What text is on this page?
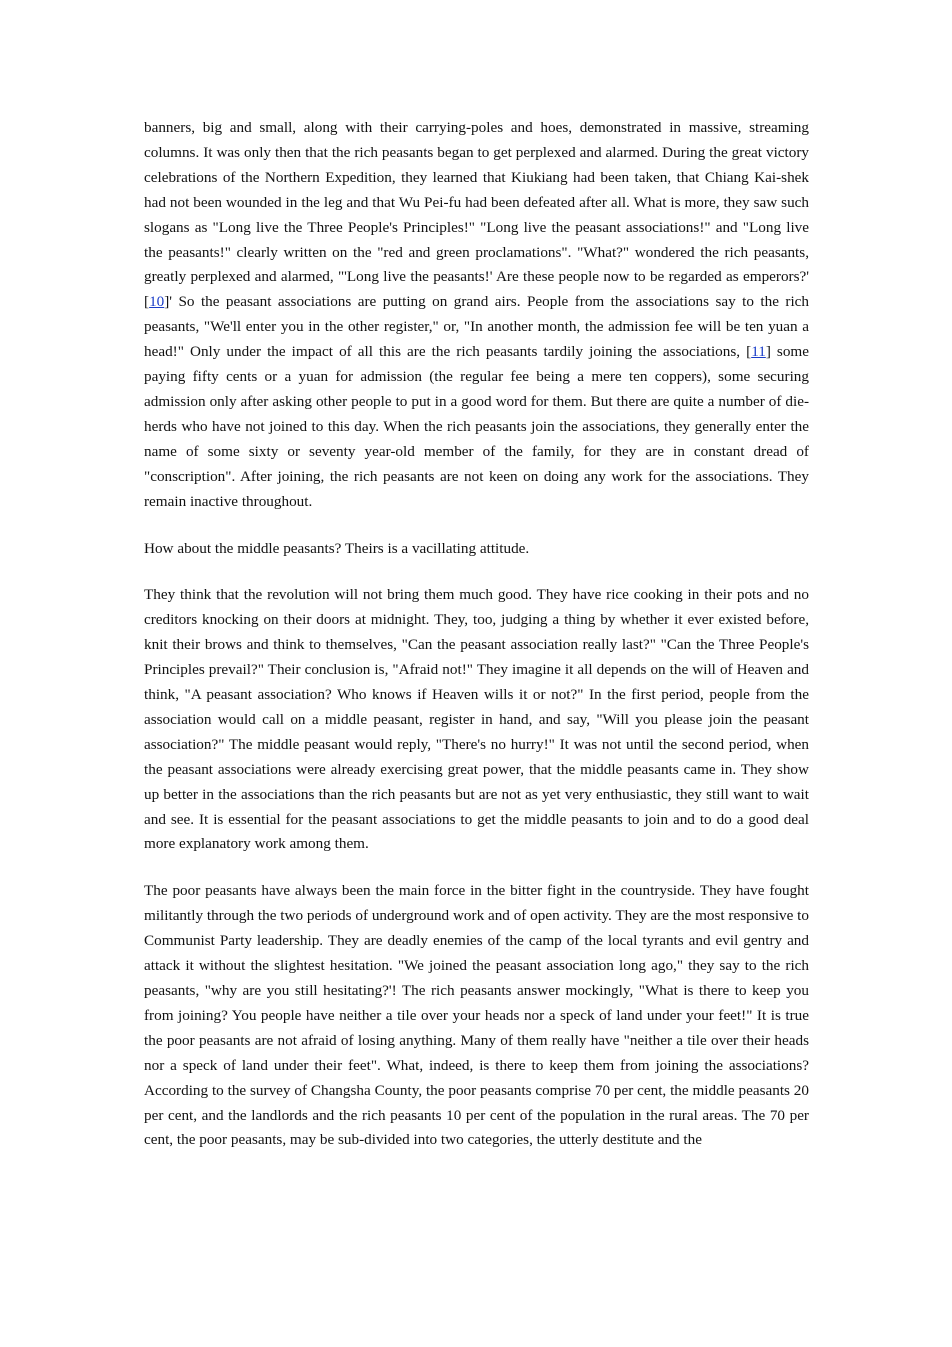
banners, big and small, along with their carrying-poles and hoes, demonstrated in massive, streaming columns. It was only then that the rich peasants began to get perplexed and alarmed. During the great victory celebrations of the Northern Expedition, they learned that Kiukiang had been taken, that Chiang Kai-shek had not been wounded in the leg and that Wu Pei-fu had been defeated after all. What is more, they saw such slogans as "Long live the Three People's Principles!" "Long live the peasant associations!" and "Long live the peasants!" clearly written on the "red and green proclamations". "What?" wondered the rich peasants, greatly perplexed and alarmed, "'Long live the peasants!' Are these people now to be regarded as emperors?' [10]' So the peasant associations are putting on grand airs. People from the associations say to the rich peasants, "We'll enter you in the other register," or, "In another month, the admission fee will be ten yuan a head!" Only under the impact of all this are the rich peasants tardily joining the associations, [11] some paying fifty cents or a yuan for admission (the regular fee being a mere ten coppers), some securing admission only after asking other people to put in a good word for them. But there are quite a number of die-herds who have not joined to this day. When the rich peasants join the associations, they generally enter the name of some sixty or seventy year-old member of the family, for they are in constant dread of "conscription". After joining, the rich peasants are not keen on doing any work for the associations. They remain inactive throughout.

How about the middle peasants? Theirs is a vacillating attitude.

They think that the revolution will not bring them much good. They have rice cooking in their pots and no creditors knocking on their doors at midnight. They, too, judging a thing by whether it ever existed before, knit their brows and think to themselves, "Can the peasant association really last?" "Can the Three People's Principles prevail?" Their conclusion is, "Afraid not!" They imagine it all depends on the will of Heaven and think, "A peasant association? Who knows if Heaven wills it or not?" In the first period, people from the association would call on a middle peasant, register in hand, and say, "Will you please join the peasant association?" The middle peasant would reply, "There's no hurry!" It was not until the second period, when the peasant associations were already exercising great power, that the middle peasants came in. They show up better in the associations than the rich peasants but are not as yet very enthusiastic, they still want to wait and see. It is essential for the peasant associations to get the middle peasants to join and to do a good deal more explanatory work among them.

The poor peasants have always been the main force in the bitter fight in the countryside. They have fought militantly through the two periods of underground work and of open activity. They are the most responsive to Communist Party leadership. They are deadly enemies of the camp of the local tyrants and evil gentry and attack it without the slightest hesitation. "We joined the peasant association long ago," they say to the rich peasants, "why are you still hesitating?'! The rich peasants answer mockingly, "What is there to keep you from joining? You people have neither a tile over your heads nor a speck of land under your feet!" It is true the poor peasants are not afraid of losing anything. Many of them really have "neither a tile over their heads nor a speck of land under their feet". What, indeed, is there to keep them from joining the associations? According to the survey of Changsha County, the poor peasants comprise 70 per cent, the middle peasants 20 per cent, and the landlords and the rich peasants 10 per cent of the population in the rural areas. The 70 per cent, the poor peasants, may be sub-divided into two categories, the utterly destitute and the
